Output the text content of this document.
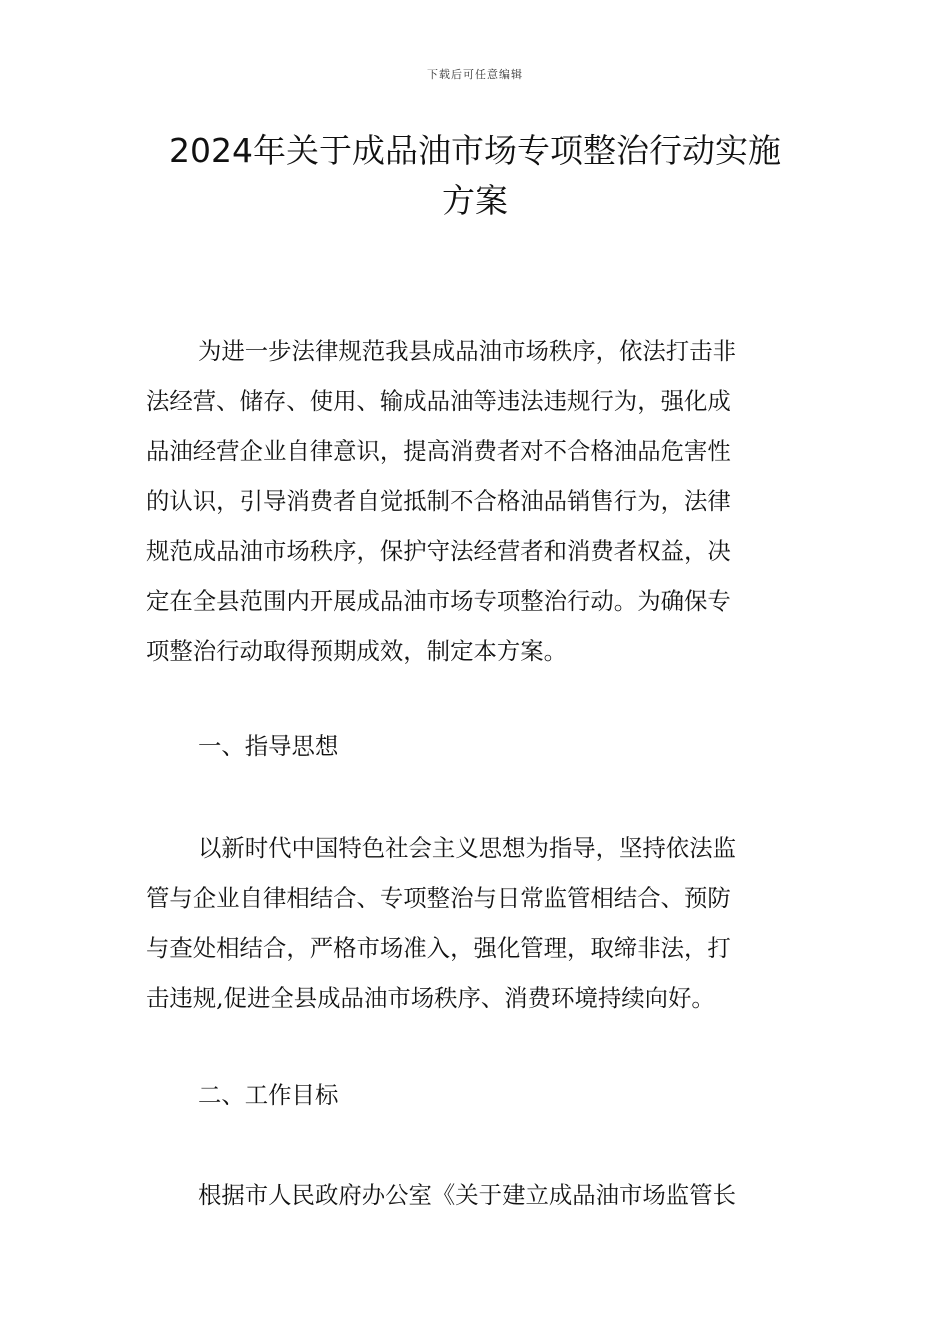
下载后可任意编辑
2024年关于成品油市场专项整治行动实施
方案
为进一步法律规范我县成品油市场秩序，依法打击非
法经营、储存、使用、输成品油等违法违规行为，强化成
品油经营企业自律意识，提高消费者对不合格油品危害性
的认识，引导消费者自觉抵制不合格油品销售行为，法律
规范成品油市场秩序，保护守法经营者和消费者权益，决
定在全县范围内开展成品油市场专项整治行动。为确保专
项整治行动取得预期成效，制定本方案。
一、指导思想
以新时代中国特色社会主义思想为指导，坚持依法监
管与企业自律相结合、专项整治与日常监管相结合、预防
与查处相结合，严格市场准入，强化管理，取缔非法，打
击违规,促进全县成品油市场秩序、消费环境持续向好。
二、工作目标
根据市人民政府办公室《关于建立成品油市场监管长
